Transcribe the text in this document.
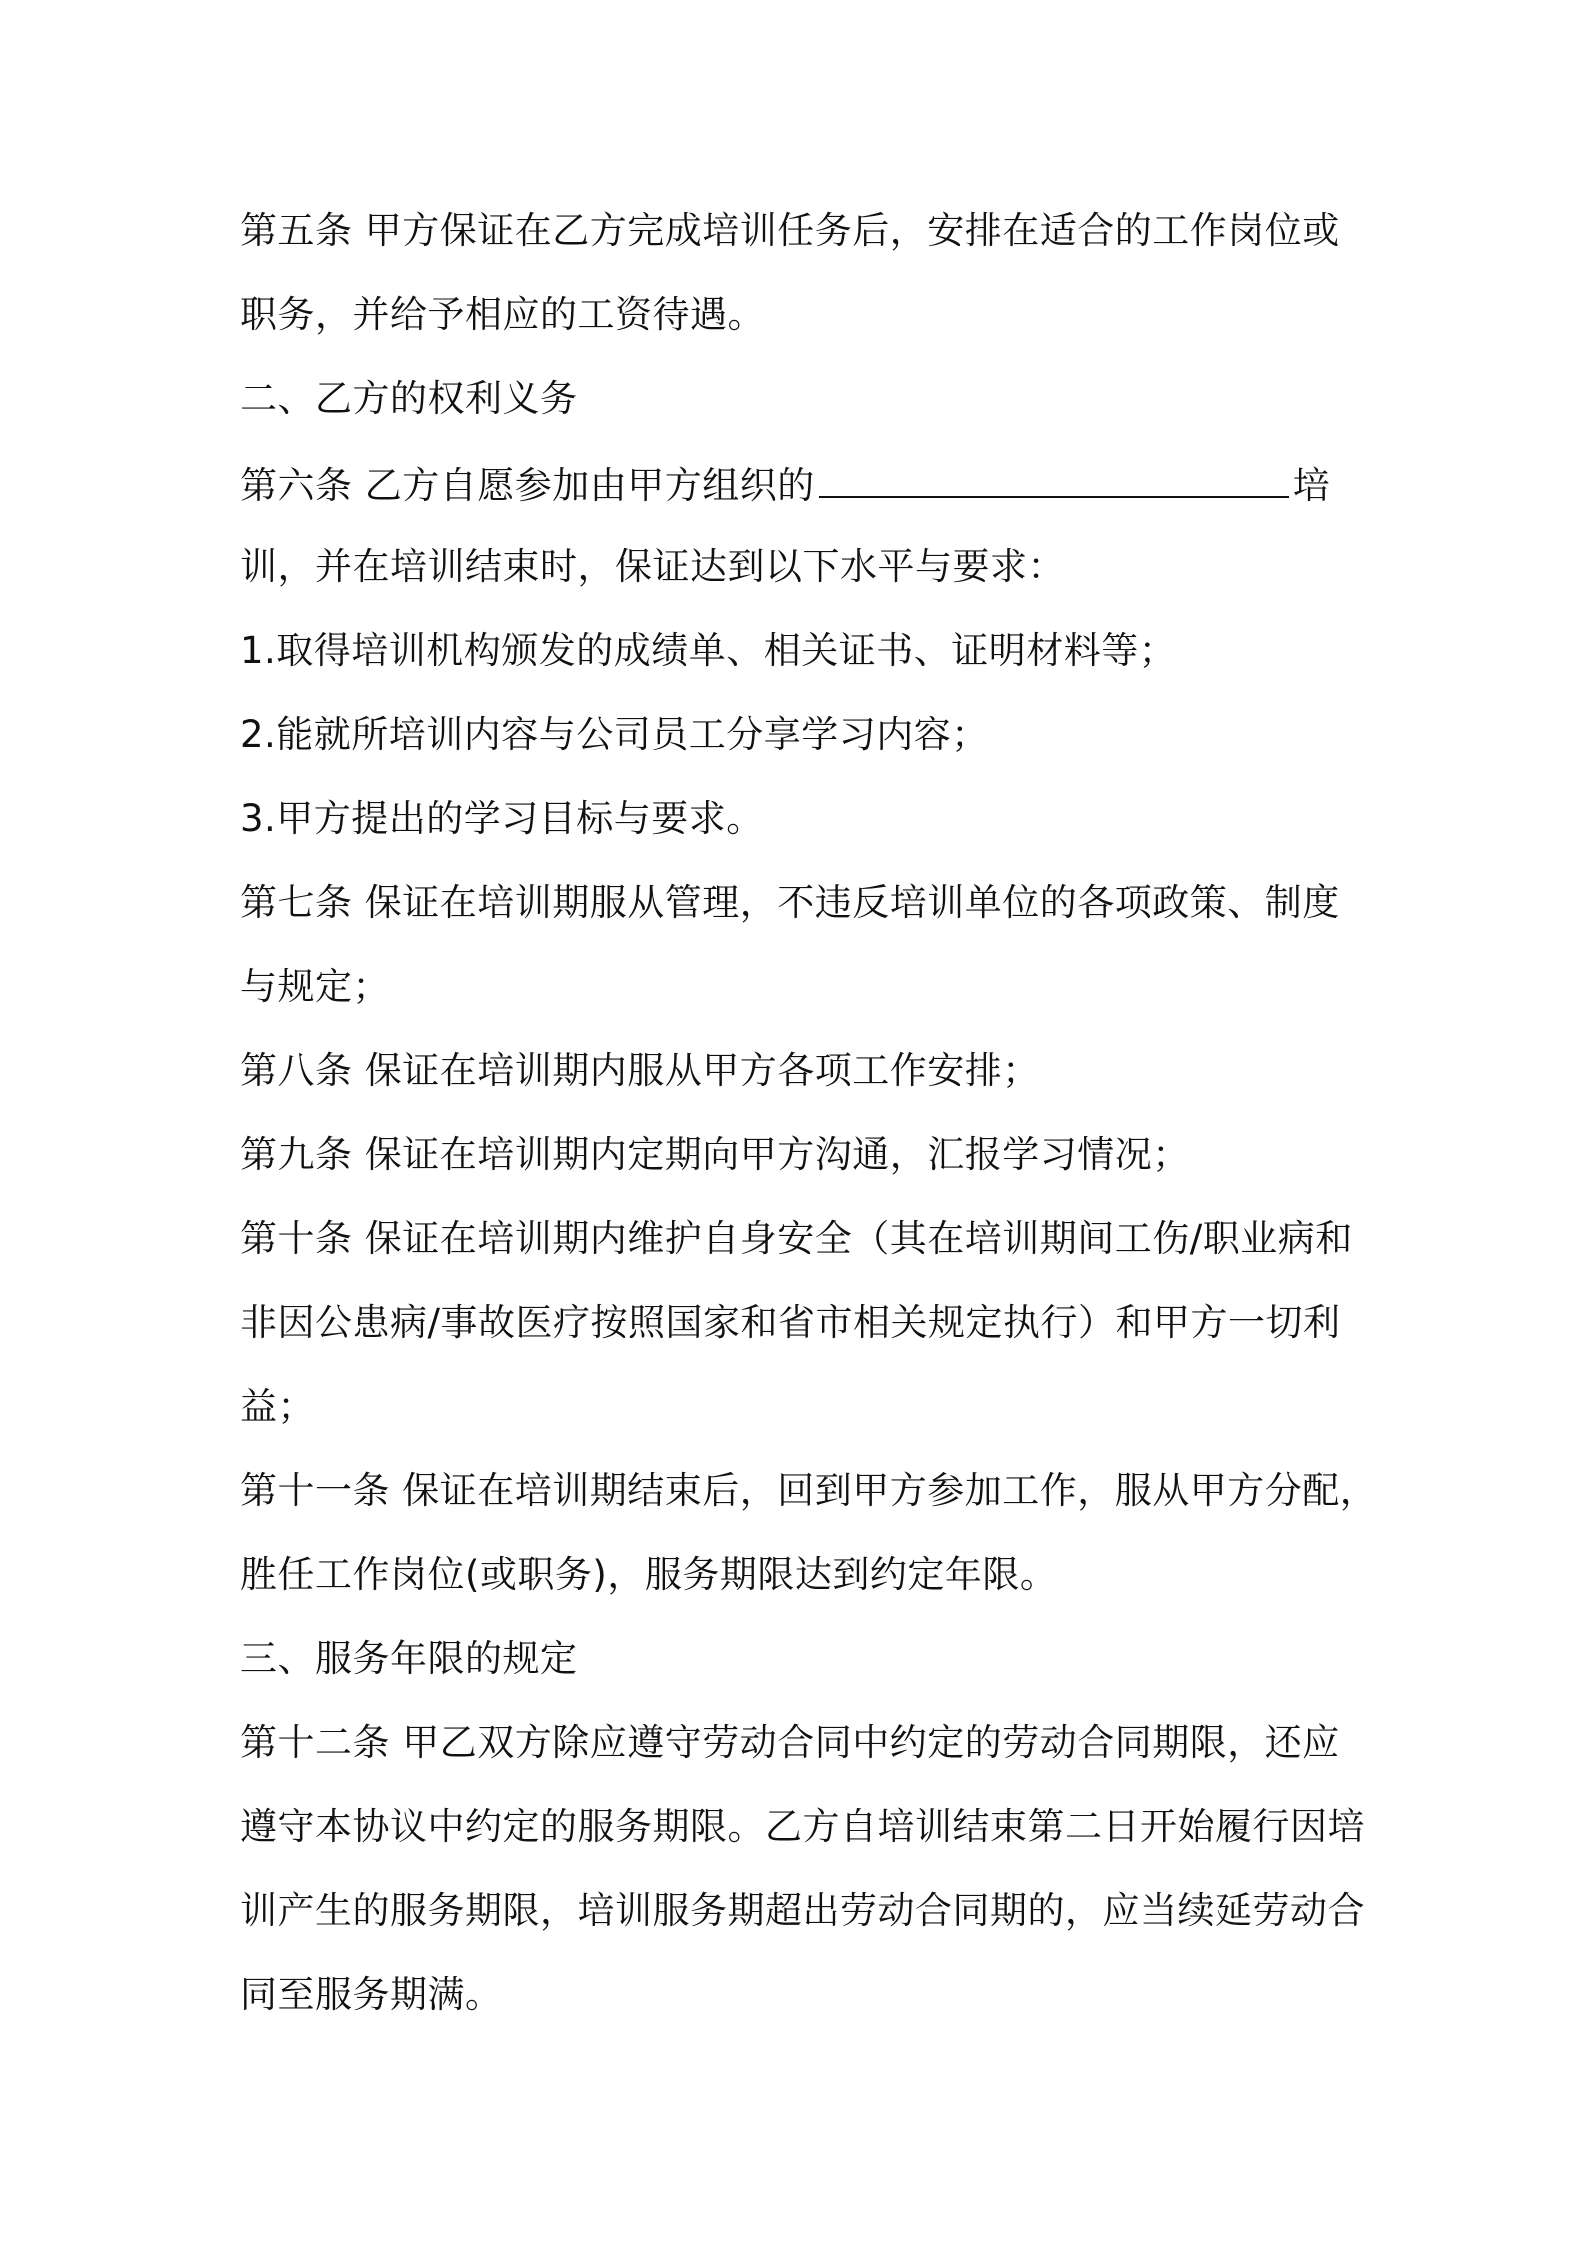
第五条 甲方保证在乙方完成培训任务后，安排在适合的工作岗位或
职务，并给予相应的工资待遇。
二、乙方的权利义务
第六条 乙方自愿参加由甲方组织的	培
训，并在培训结束时，保证达到以下水平与要求：
1.取得培训机构颁发的成绩单、相关证书、证明材料等；
2.能就所培训内容与公司员工分享学习内容；
3.甲方提出的学习目标与要求。
第七条 保证在培训期服从管理，不违反培训单位的各项政策、制度
与规定；
第八条 保证在培训期内服从甲方各项工作安排；
第九条 保证在培训期内定期向甲方沟通，汇报学习情况；
第十条 保证在培训期内维护自身安全（其在培训期间工伤/职业病和
非因公患病/事故医疗按照国家和省市相关规定执行）和甲方一切利
益；
第十一条 保证在培训期结束后，回到甲方参加工作，服从甲方分配，
胜任工作岗位(或职务)，服务期限达到约定年限。
三、服务年限的规定
第十二条 甲乙双方除应遵守劳动合同中约定的劳动合同期限，还应
遵守本协议中约定的服务期限。乙方自培训结束第二日开始履行因培
训产生的服务期限，培训服务期超出劳动合同期的，应当续延劳动合
同至服务期满。
